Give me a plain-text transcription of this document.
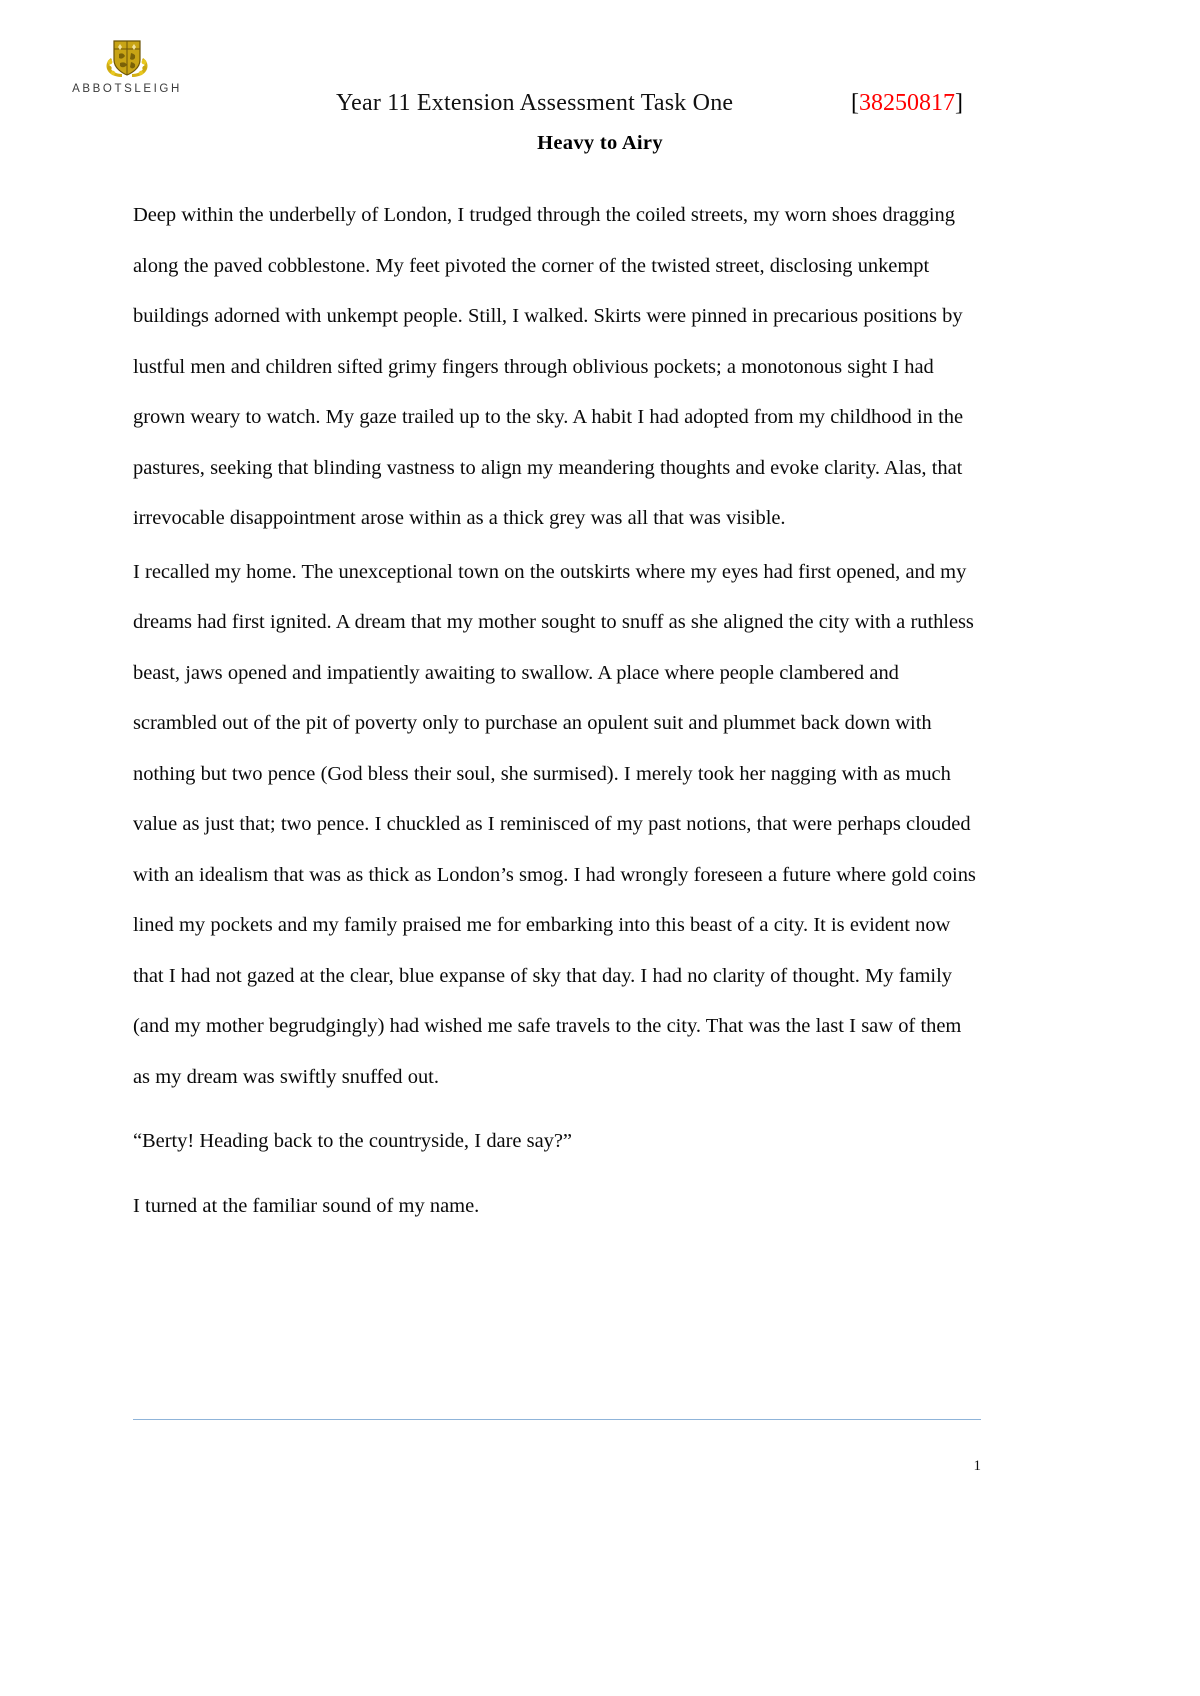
ABBOTSLEIGH
Year 11 Extension Assessment Task One	[38250817]
Heavy to Airy

Deep within the underbelly of London, I trudged through the coiled streets, my worn shoes dragging along the paved cobblestone. My feet pivoted the corner of the twisted street, disclosing unkempt buildings adorned with unkempt people. Still, I walked. Skirts were pinned in precarious positions by lustful men and children sifted grimy fingers through oblivious pockets; a monotonous sight I had grown weary to watch. My gaze trailed up to the sky. A habit I had adopted from my childhood in the pastures, seeking that blinding vastness to align my meandering thoughts and evoke clarity. Alas, that irrevocable disappointment arose within as a thick grey was all that was visible.

I recalled my home. The unexceptional town on the outskirts where my eyes had first opened, and my dreams had first ignited. A dream that my mother sought to snuff as she aligned the city with a ruthless beast, jaws opened and impatiently awaiting to swallow. A place where people clambered and scrambled out of the pit of poverty only to purchase an opulent suit and plummet back down with nothing but two pence (God bless their soul, she surmised). I merely took her nagging with as much value as just that; two pence. I chuckled as I reminisced of my past notions, that were perhaps clouded with an idealism that was as thick as London’s smog. I had wrongly foreseen a future where gold coins lined my pockets and my family praised me for embarking into this beast of a city. It is evident now that I had not gazed at the clear, blue expanse of sky that day. I had no clarity of thought. My family (and my mother begrudgingly) had wished me safe travels to the city. That was the last I saw of them as my dream was swiftly snuffed out.

“Berty! Heading back to the countryside, I dare say?”

I turned at the familiar sound of my name.

1
